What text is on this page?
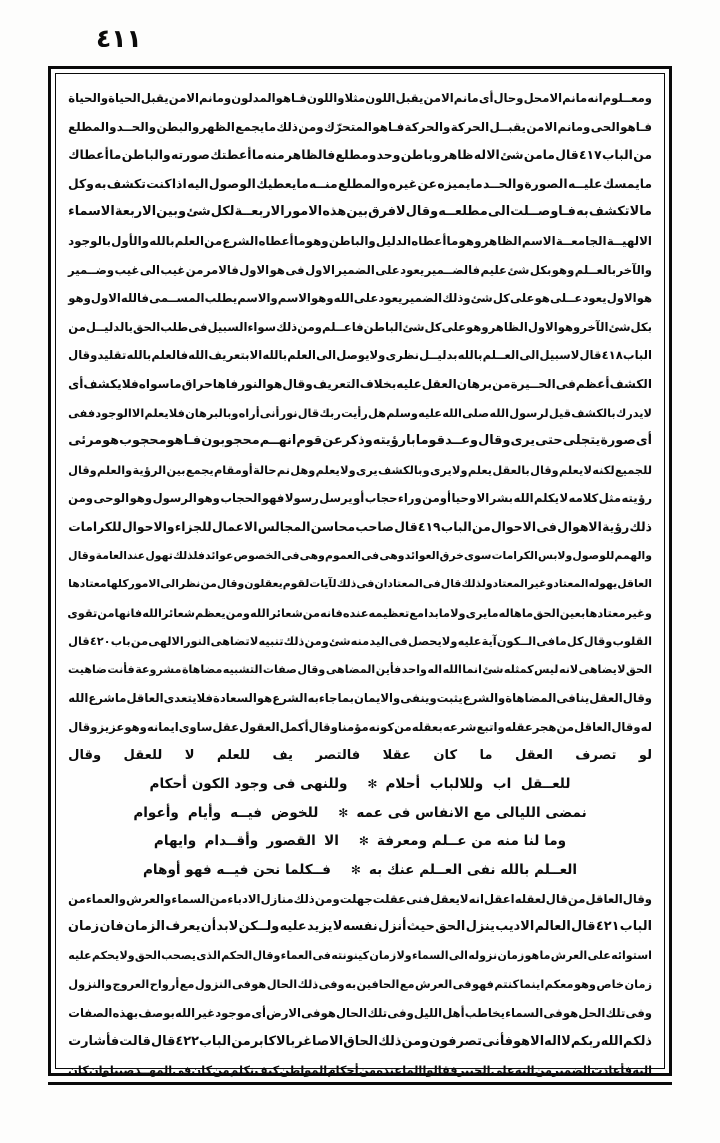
٤١١
ومعــلوم
انه
مانم
الامحل
وحال
أى
مانم
الامن
يقبل
اللون
مثلا
واللون
فـاهو
المدلون
ومانم
الامن
يقبل
الحياة
والحياة
فـاهو
الحى
ومانم
الامن
يقبــل
الحركة
والحركة
فـاهو
المتحرّك
ومن
ذلك
مايجمع
الظهر
والبطن
والحــد
والمطلع
من
الباب
٤١٧
قال
مامن
شئ
الا
له
ظاهر
و
باطن
وحد
ومطلع
فالظاهر
منه
ما
أعطتك
صورته
والباطن
ما
أعطاك
مايمسك
عليــه
الصورة
والحــد
مايميزه
عن
غيره
والمطلع
منــه
مايعطيك
الوصول
اليه
اذا
كنت
تكشف
به
وكل
مالا
تكشف
به
فـاوصــلت
الى
مطلعــه
وقال
لافرق
بين
هذه
الامور
الاربعــة
لكل
شئ
و
بين
الاربعة
الاسماء
الالهيــة
الجامعــة
الاسم
الظاهر
وهو
ما
أعطاه
الدليل
والباطن
وهو
ما
أعطاه
الشرع
من
العلم
بالله
والأول
بالوجود
والآخر
بالعــلم
وهو
بكل
شئ
عليم
فالضــمير
يعود
على
الضمير
الاول
فى
هو
الاول
فالامر
من
غيب
الى
غيب
وضــمير
هو
الاول
يعود
عــلى
هو
على
كل
شئ
وذلك
الضمير
يعود
على
الله
وهو
الاسم
والاسم
يطلب
المســمى
فالله
الاول
وهو
بكل
شئ
الآخر
وهو
الاول
الظاهر
وهو
على
كل
شئ
الباطن
فاعــلم
ومن
ذلك
سواء
السبيل
فى
طلب
الحق
بالدليــل
من
الباب
٤١٨
قال
لاسبيل
الى
العــلم
بالله
بدليــل
نظرى
ولا
يوصل
الى
العلم
بالله
الا
بتعر
يف
الله
فالعلم
بالله
تقليد
وقال
الكشف
أعظم
فى
الحــيرة
من
برهان
العقل
عليه
بخلاف
التعر
يف
وقال
هو
النور
فاها
حراق
ما
سواه
فلا
يكشف
أى
لايدرك
بالكشف
قيل
لرسول
الله
صلى
الله
عليه
وسلم
هل
رأيت
ر
بك
قال
نور
أنى
أراه
وبالبرهان
فلا
يعلم
الا
الوجود
ففى
أى
صورة
يتجلى
حتى
يرى
وقال
وعــد
قوما
بارؤ
يته
وذ
كر
عن
قوم
انهــم
محجو
بون
فـاهو
محجوب
هو
مرئى
للجميع
لكنه
لا
يعلم
وقال
بالعقل
يعلم
ولا
يرى
و
بالكشف
يرى
ولا
يعلم
وهل
نم
حالة
أومقام
يجمع
بين
الرؤ
ية
والعلم
وقال
رؤ
يته
مثل
كلامه
لا
يكلم
الله
بشر
الا
وحيا
أومن
وراء
حجاب
أو
يرسل
رسولا
فهو
الحجاب
وهو
الرسول
وهو
الوحى
ومن
ذلك
رؤ
ية
الاهوال
فى
الاحوال
من
الباب
٤١٩
قال
صاحب
محاسن
المجالس
الاعمال
للجزاء
والاحوال
للكرامات
والهمم
للوصول
ولابس
الكرامات
سوى
خرق
العوائد
وهى
فى
العموم
وهى
فى
الخصوص
عوائد
فلذلك
تهول
عند
العامة
وقال
العاقل
يهوله
المعتاد
وغير
المعتاد
ولذلك
قال
فى
المعتاد
ان
فى
ذلك
لآيات
لقوم
يعقلون
وقال
من
نظر
الى
الامور
كلها
معتادها
وغير
معتادها
بعين
الحق
ما
هاله
ما
يرى
ولا
ما
بدا
مع
تعظيمه
عنده
فانه
من
شعائر
الله
ومن
يعظم
شعائر
الله
فانها
من
تقوى
القلوب
وقال
كل
ما
فى
الــكون
آية
عليه
ولا
يحصل
فى
اليد
منه
شئ
ومن
ذلك
تنبيه
لا
تضاهى
النور
الالهى
من
باب
٤٢٠
قال
الحق
لا
يضاهى
لانه
ليس
كمثله
شئ
انما
الله
اله
واحد
فأين
المضاهى
وقال
صفات
التشبيه
مضاهاة
مشروعة
فأنت
ضاهيت
وقال
العقل
ينافى
المضاهاة
والشرع
يثبت
و
ينفى
والايمان
بما
جاء
به
الشرع
هو
السعادة
فلا
يتعدى
العاقل
ما
شرع
الله
له
وقال
العاقل
من
هجر
عقله
واتبع
شرعه
بعقله
من
كونه
مؤمنا
وقال
أ
كمل
العقول
عقل
ساوى
ايمانه
وهو
عز
يز
وقال
لو
تصرف
العقل
ما
كان
عقلا
فالتصر
يف
للعلم
لا
للعقل
وقال
للعــقل اب وللالباب أحلام
✻
وللنهى فى وجود الكون أحكام
نمضى الليالى مع الانفاس فى عمه
✻
للخوض فيــه وأيام وأعوام
وما لنا منه من عــلم ومعرفة
✻
الا القصور وأقــدام وايهام
العــلم بالله نفى العــلم عنك به
✻
فــكلما نحن فيــه فهو أوهام
وقال
العاقل
من
قال
لعقله
اعقل
انه
لا
يعقل
فنى
عقلت
جهلت
ومن
ذلك
منازل
الادباء
من
السماء
والعرش
والعماء
من
الباب
٤٢١
قال
العالم
الاديب
ينزل
الحق
حيث
أنزل
نفسه
لا
يز
يد
عليه
ولــكن
لابد
أن
يعرف
الزمان
فان
زمان
استوائه
على
العرش
ما
هو
زمان
نزوله
الى
السماء
ولا
زمان
كينونته
فى
العماء
وقال
الحكم
الذى
يصحب
الحق
ولا
يحكم
عليه
زمان
خاص
وهو
معكم
اينما
كنتم
فهو
فى
العرش
مع
الحافين
به
وفى
ذلك
الحال
هو
فى
النزول
مع
أرواح
العروج
والنزول
وفى
تلك
الحل
هو
فى
السماء
يخاطب
أهل
الليل
وفى
تلك
الحال
هو
فى
الارض
أى
موجود
غير
الله
بوصف
بهذه
الصفات
ذلكم
الله
ر
بكم
لا
اله
الا
هو
فأنى
تصرفون
ومن
ذلك
الحاق
الاصاغر
بالا
كابر
من
الباب
٤٢٢
قال
قالت
فأشارت
اليه
فأعادت
الضمير
من
اليه
على
الخبير
فقالوا
الما
عنده
من
أحكام
المواطن
كيف
نكلم
من
كان
فى
المهــد
صبيا
وان
كان
